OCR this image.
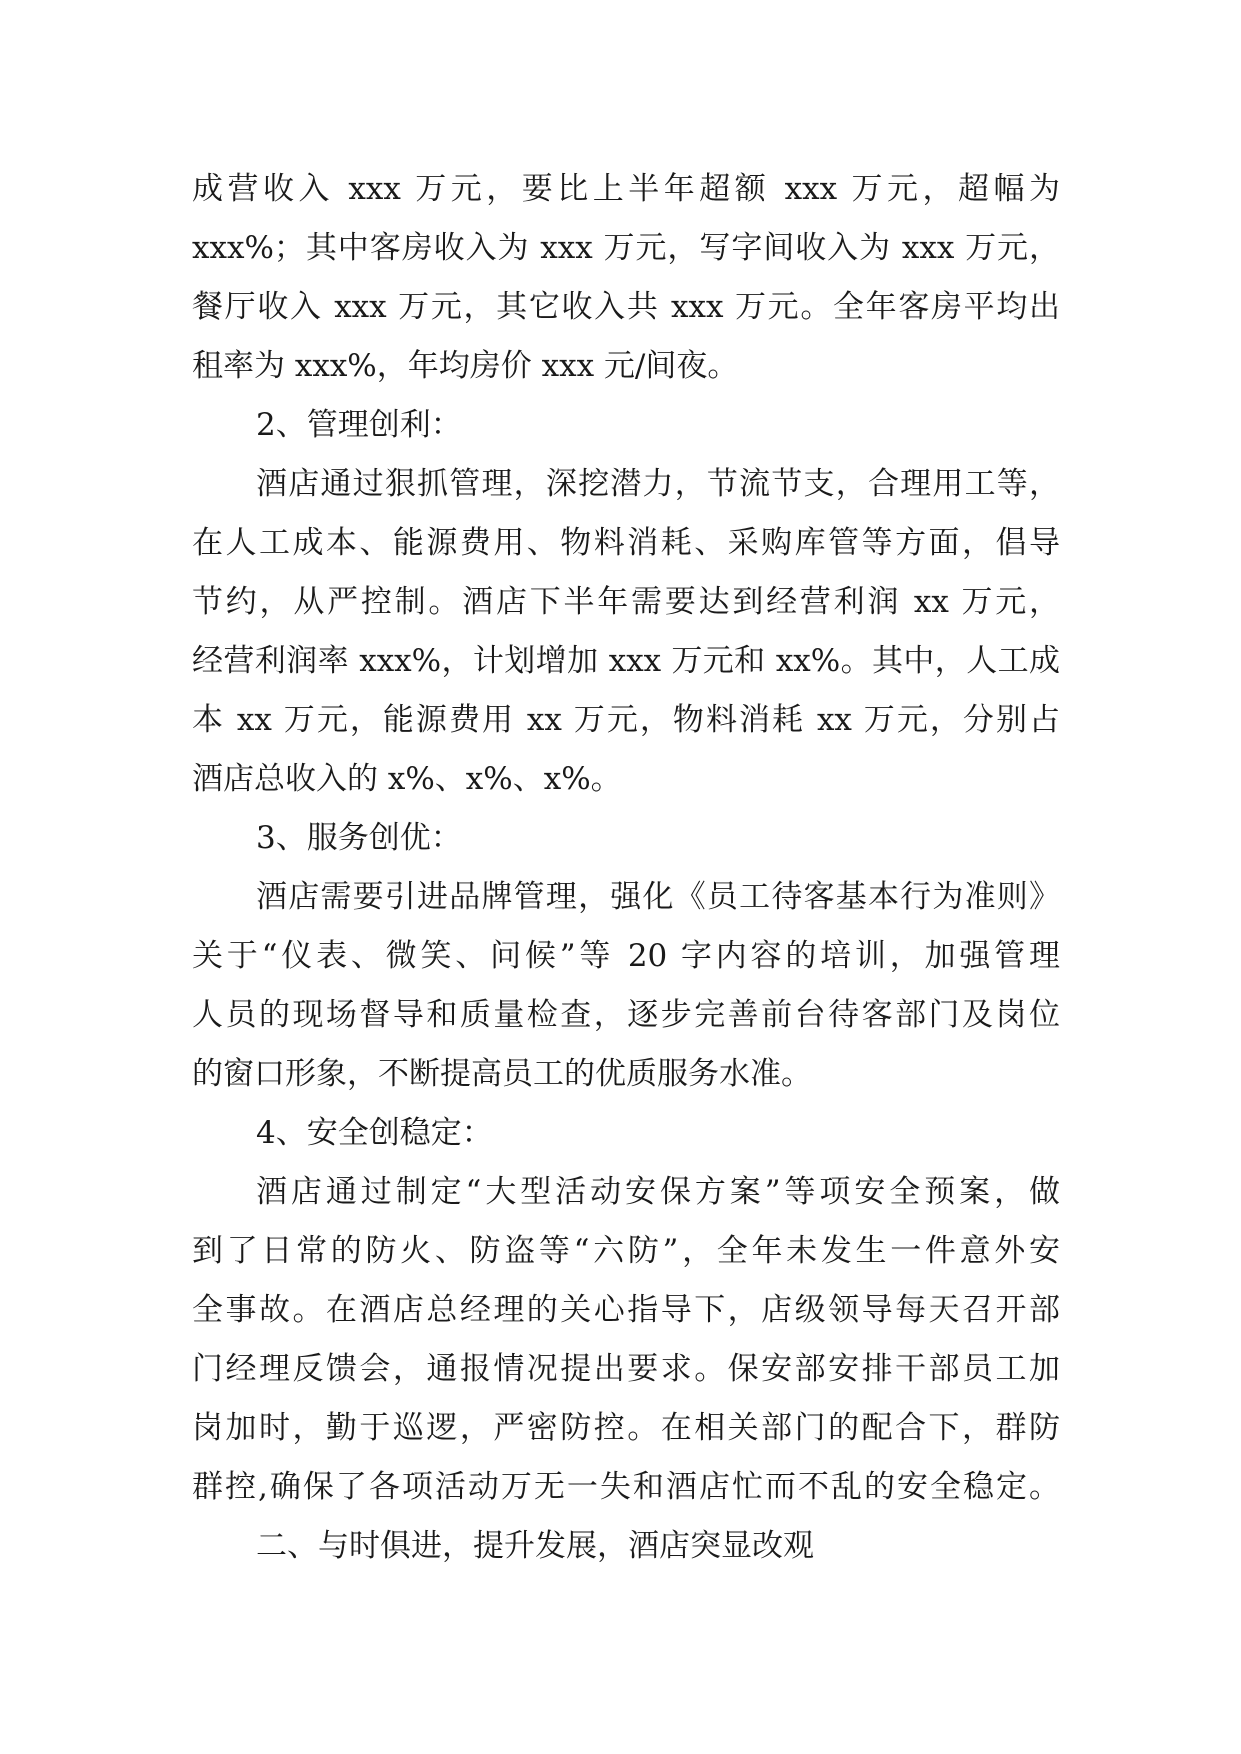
成营收入 xxx 万元，要比上半年超额 xxx 万元，超幅为
xxx%；其中客房收入为 xxx 万元，写字间收入为 xxx 万元，
餐厅收入 xxx 万元，其它收入共 xxx 万元。全年客房平均出
租率为 xxx%，年均房价 xxx 元/间夜。
2、管理创利：
酒店通过狠抓管理，深挖潜力，节流节支，合理用工等，
在人工成本、能源费用、物料消耗、采购库管等方面，倡导
节约，从严控制。酒店下半年需要达到经营利润 xx 万元，
经营利润率 xxx%，计划增加 xxx 万元和 xx%。其中，人工成
本 xx 万元，能源费用 xx 万元，物料消耗 xx 万元，分别占
酒店总收入的 x%、x%、x%。
3、服务创优：
酒店需要引进品牌管理，强化《员工待客基本行为准则》
关于“仪表、微笑、问候”等 20 字内容的培训，加强管理
人员的现场督导和质量检查，逐步完善前台待客部门及岗位
的窗口形象，不断提高员工的优质服务水准。
4、安全创稳定：
酒店通过制定“大型活动安保方案”等项安全预案，做
到了日常的防火、防盗等“六防”，全年未发生一件意外安
全事故。在酒店总经理的关心指导下，店级领导每天召开部
门经理反馈会，通报情况提出要求。保安部安排干部员工加
岗加时，勤于巡逻，严密防控。在相关部门的配合下，群防
群控,确保了各项活动万无一失和酒店忙而不乱的安全稳定。
二、与时俱进，提升发展，酒店突显改观
